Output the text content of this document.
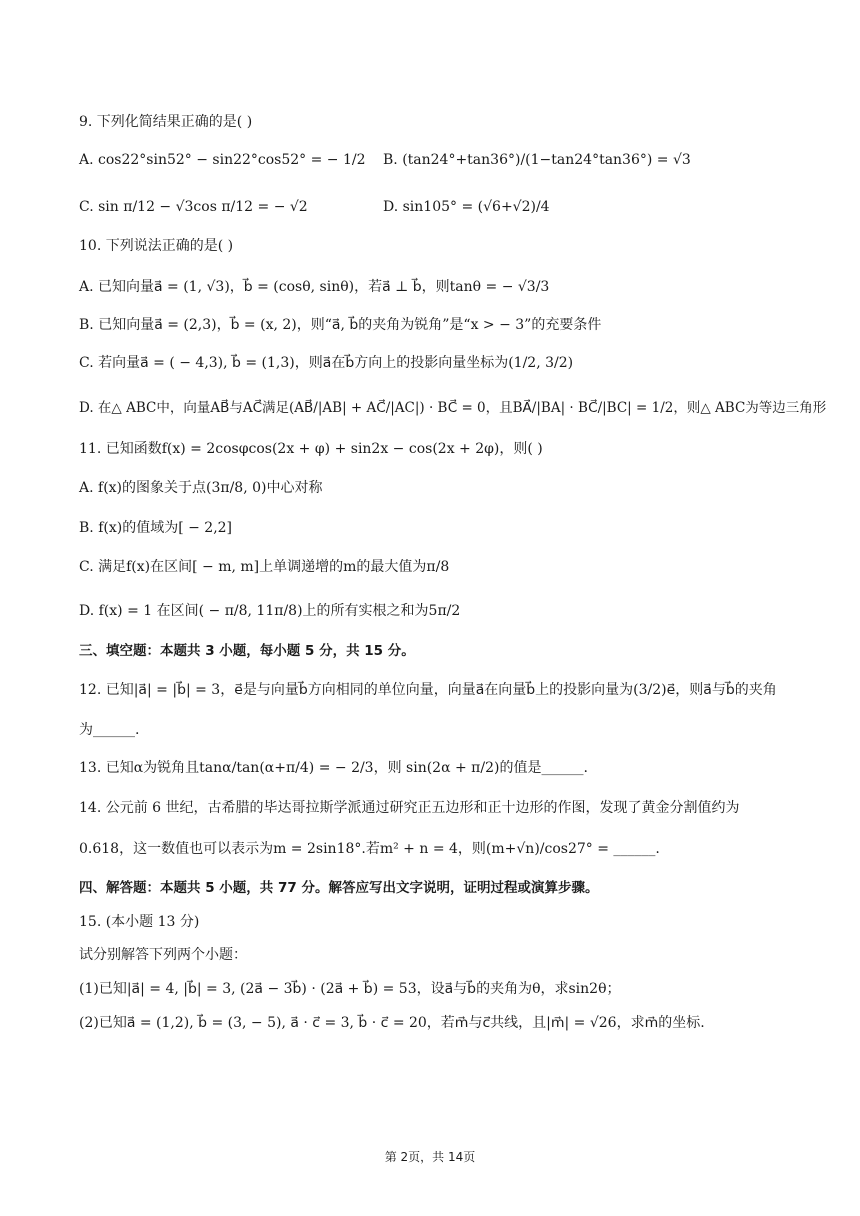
9. 下列化简结果正确的是( )
A. cos22°sin52° − sin22°cos52° = − 1/2 B. (tan24°+tan36°)/(1−tan24°tan36°) = √3
C. sin π/12 − √3cos π/12 = − √2	D. sin105° = (√6+√2)/4
10. 下列说法正确的是( )
A. 已知向量a⃗ = (1, √3)，b⃗ = (cosθ, sinθ)，若a⃗ ⊥ b⃗，则tanθ = − √3/3
B. 已知向量a⃗ = (2,3)，b⃗ = (x, 2)，则“a⃗, b⃗的夹角为锐角”是“x > − 3”的充要条件
C. 若向量a⃗ = ( − 4,3), b⃗ = (1,3)，则a⃗在b⃗方向上的投影向量坐标为(1/2, 3/2)
D. 在△ ABC中，向量AB⃗与AC⃗满足(AB⃗/|AB| + AC⃗/|AC|) · BC⃗ = 0，且BA⃗/|BA| · BC⃗/|BC| = 1/2，则△ ABC为等边三角形
11. 已知函数f(x) = 2cosφcos(2x + φ) + sin2x − cos(2x + 2φ)，则( )
A. f(x)的图象关于点(3π/8, 0)中心对称
B. f(x)的值域为[ − 2,2]
C. 满足f(x)在区间[ − m, m]上单调递增的m的最大值为π/8
D. f(x) = 1 在区间( − π/8, 11π/8)上的所有实根之和为5π/2
三、填空题：本题共 3 小题，每小题 5 分，共 15 分。
12. 已知|a⃗| = |b⃗| = 3，e⃗是与向量b⃗方向相同的单位向量，向量a⃗在向量b⃗上的投影向量为(3/2)e⃗，则a⃗与b⃗的夹角
为______.
13. 已知α为锐角且tanα/tan(α+π/4) = − 2/3，则 sin(2α + π/2)的值是______.
14. 公元前 6 世纪，古希腊的毕达哥拉斯学派通过研究正五边形和正十边形的作图，发现了黄金分割值约为
0.618，这一数值也可以表示为m = 2sin18°.若m² + n = 4，则(m+√n)/cos27° = ______.
四、解答题：本题共 5 小题，共 77 分。解答应写出文字说明，证明过程或演算步骤。
15. (本小题 13 分)
试分别解答下列两个小题：
(1)已知|a⃗| = 4, |b⃗| = 3, (2a⃗ − 3b⃗) · (2a⃗ + b⃗) = 53，设a⃗与b⃗的夹角为θ，求sin2θ；
(2)已知a⃗ = (1,2), b⃗ = (3, − 5), a⃗ · c⃗ = 3, b⃗ · c⃗ = 20，若m⃗与c⃗共线，且|m⃗| = √26，求m⃗的坐标.
第 2页，共 14页
